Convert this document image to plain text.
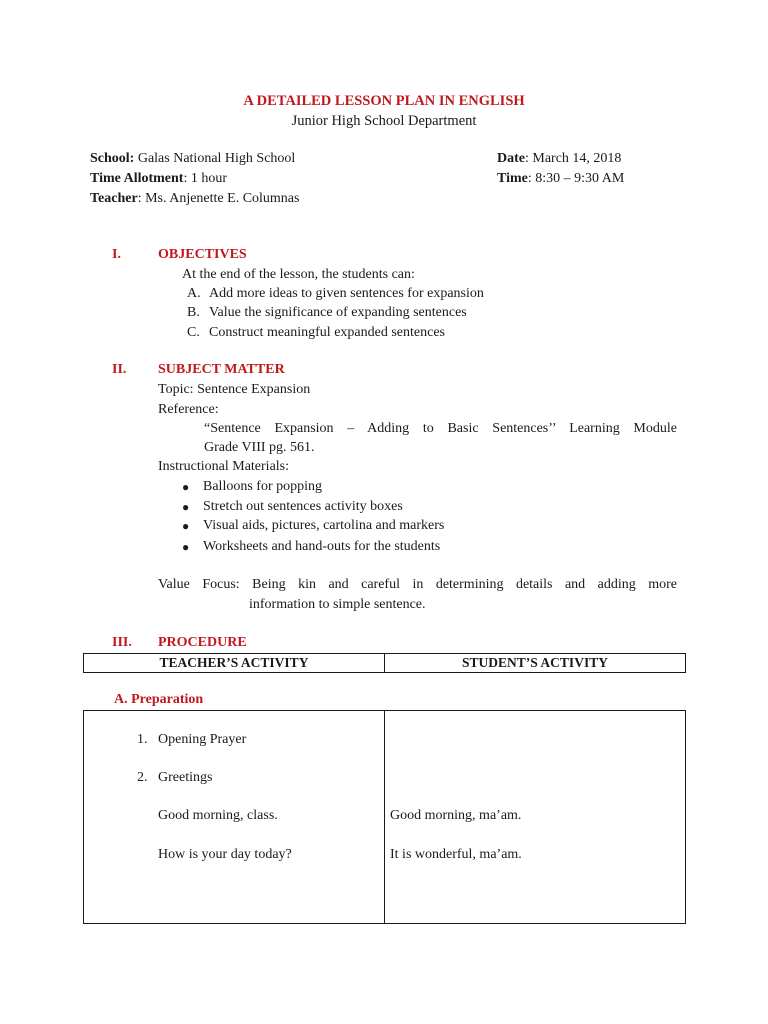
A DETAILED LESSON PLAN IN ENGLISH
Junior High School Department
School: Galas National High School
Time Allotment: 1 hour
Teacher: Ms. Anjenette E. Columnas
Date: March 14, 2018
Time: 8:30 – 9:30 AM
I.	OBJECTIVES
At the end of the lesson, the students can:
A. Add more ideas to given sentences for expansion
B. Value the significance of expanding sentences
C. Construct meaningful expanded sentences
II. SUBJECT MATTER
Topic: Sentence Expansion
Reference:
“Sentence Expansion – Adding to Basic Sentences’’ Learning Module
Grade VIII pg. 561.
Instructional Materials:
● Balloons for popping
● Stretch out sentences activity boxes
● Visual aids, pictures, cartolina and markers
● Worksheets and hand-outs for the students
Value Focus: Being kin and careful in determining details and adding more
information to simple sentence.
III. PROCEDURE
TEACHER’S ACTIVITY	STUDENT’S ACTIVITY
A. Preparation
1. Opening Prayer
2. Greetings
Good morning, class.	Good morning, ma’am.
How is your day today?	It is wonderful, ma’am.
